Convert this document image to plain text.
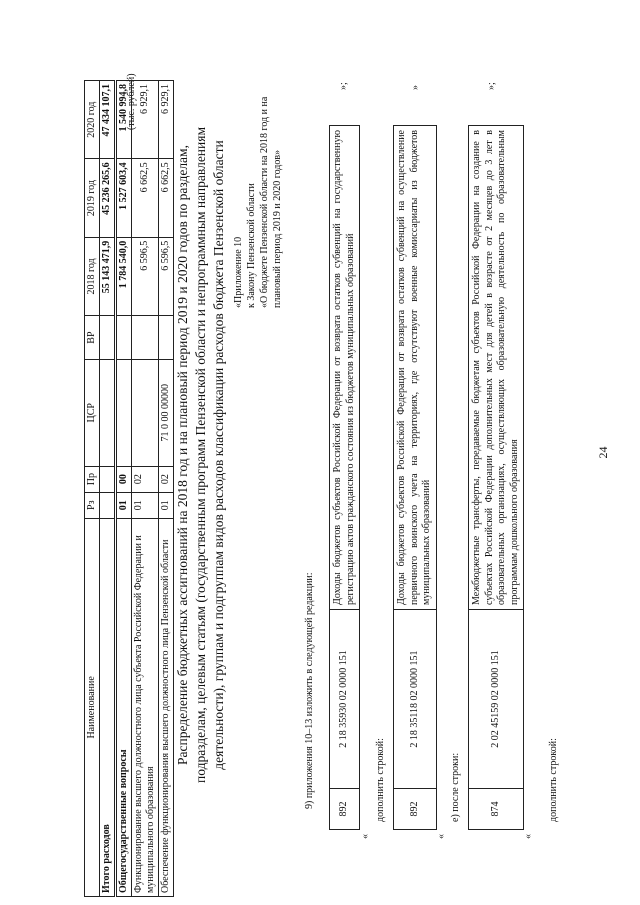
24
дополнить строкой:
«
874	2 02 45159 02 0000 151	Межбюджетные трансферты, передаваемые бюджетам субъектов Российской Федерации на создание в субъектах Российской Федерации дополнительных мест для детей в возрасте от 2 месяцев до 3 лет в образовательных организациях, осуществляющих образовательную деятельность по образовательным программам дошкольного образования
»;
е) после строки:
«
892	2 18 35118 02 0000 151	Доходы бюджетов субъектов Российской Федерации от возврата остатков субвенций на осуществление первичного воинского учета на территориях, где отсутствуют военные комиссариаты из бюджетов муниципальных образований
»
дополнить строкой:
«
892	2 18 35930 02 0000 151	Доходы бюджетов субъектов Российской Федерации от возврата остатков субвенций на государственную регистрацию актов гражданского состояния из бюджетов муниципальных образований
»;
9) приложения 10–13 изложить в следующей редакции:
«Приложение 10 к Закону Пензенской области «О бюджете Пензенской области на 2018 год и на плановый период 2019 и 2020 годов»
Распределение бюджетных ассигнований на 2018 год и на плановый период 2019 и 2020 годов по разделам, подразделам, целевым статьям (государственным программ Пензенской области и непрограммным направлениям деятельности), группам и подгруппам видов расходов классификации расходов бюджета Пензенской области
(тыс. рублей)
Наименование	Рз	Пр	ЦСР	ВР	2018 год	2019 год	2020 год
Итого расходов					55 143 471,9	45 236 265,6	47 434 107,1
Общегосударственные вопросы	01	00			1 784 540,0	1 527 603,4	1 540 994,8
Функционирование высшего должностного лица субъекта Российской Федерации и муниципального образования	01	02			6 596,5	6 662,5	6 929,1
Обеспечение функционирования высшего должностного лица Пензенской области	01	02	71 0 00 00000		6 596,5	6 662,5	6 929,1
